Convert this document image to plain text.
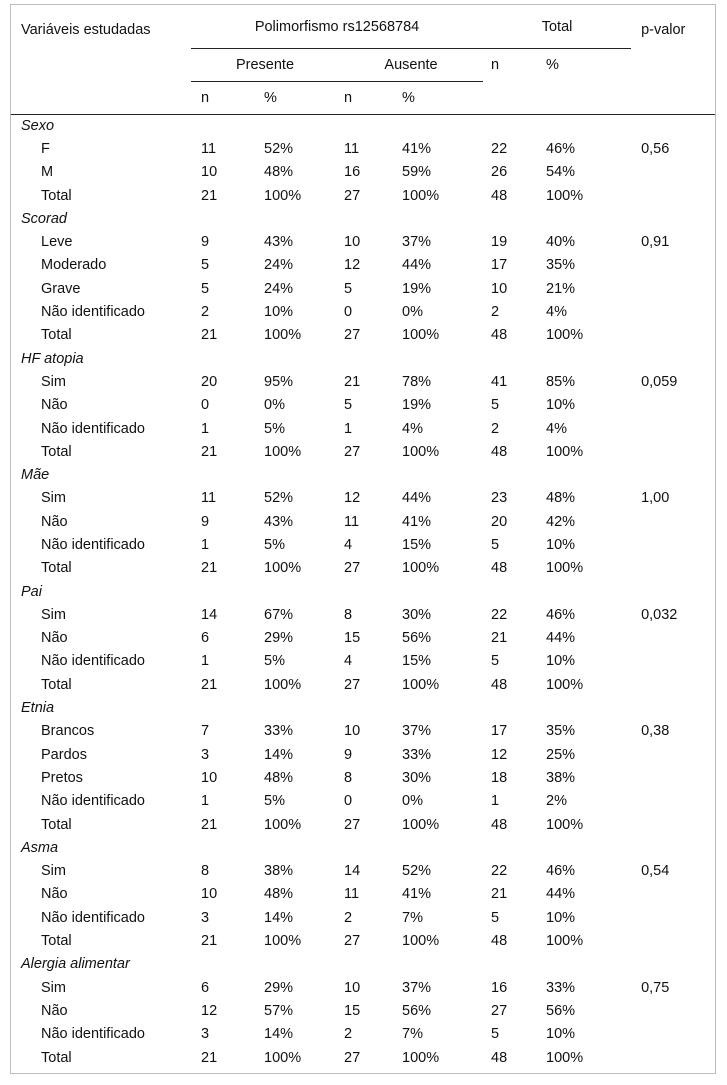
Variáveis estudadas	Polimorfismo rs12568784				Total		p-valor
	Presente		Ausente		n	%	
	n	%	n	%			
Sexo							
F	11	52%	11	41%	22	46%	0,56
M	10	48%	16	59%	26	54%	
Total	21	100%	27	100%	48	100%	
Scorad							
Leve	9	43%	10	37%	19	40%	0,91
Moderado	5	24%	12	44%	17	35%	
Grave	5	24%	5	19%	10	21%	
Não identificado	2	10%	0	0%	2	4%	
Total	21	100%	27	100%	48	100%	
HF atopia							
Sim	20	95%	21	78%	41	85%	0,059
Não	0	0%	5	19%	5	10%	
Não identificado	1	5%	1	4%	2	4%	
Total	21	100%	27	100%	48	100%	
Mãe							
Sim	11	52%	12	44%	23	48%	1,00
Não	9	43%	11	41%	20	42%	
Não identificado	1	5%	4	15%	5	10%	
Total	21	100%	27	100%	48	100%	
Pai							
Sim	14	67%	8	30%	22	46%	0,032
Não	6	29%	15	56%	21	44%	
Não identificado	1	5%	4	15%	5	10%	
Total	21	100%	27	100%	48	100%	
Etnia							
Brancos	7	33%	10	37%	17	35%	0,38
Pardos	3	14%	9	33%	12	25%	
Pretos	10	48%	8	30%	18	38%	
Não identificado	1	5%	0	0%	1	2%	
Total	21	100%	27	100%	48	100%	
Asma							
Sim	8	38%	14	52%	22	46%	0,54
Não	10	48%	11	41%	21	44%	
Não identificado	3	14%	2	7%	5	10%	
Total	21	100%	27	100%	48	100%	
Alergia alimentar							
Sim	6	29%	10	37%	16	33%	0,75
Não	12	57%	15	56%	27	56%	
Não identificado	3	14%	2	7%	5	10%	
Total	21	100%	27	100%	48	100%	
